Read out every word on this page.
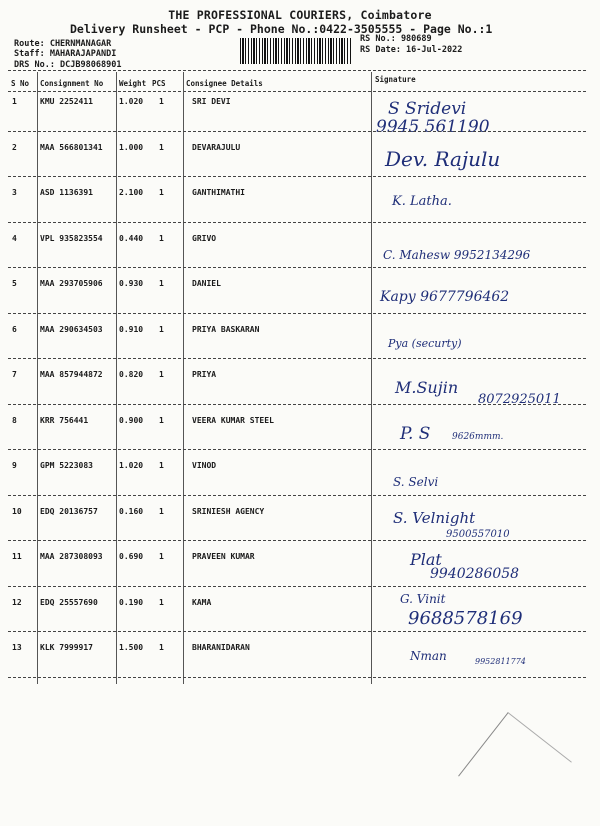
THE PROFESSIONAL COURIERS, Coimbatore
Delivery Runsheet - PCP - Phone No.:0422-3505555 - Page No.:1
Route: CHERNMANAGAR
Staff: MAHARAJAPANDI
DRS No.: DCJB98068901
RS No.: 980689
RS Date: 16-Jul-2022
S No Consignment No Weight PCS	Consignee Details	Signature
1	KMU 2252411	1.020 1	SRI DEVI	S Sridevi
9945 561190
2	MAA 566801341 1.000 1	DEVARAJULU	Dev. Rajulu
3	ASD 1136391	2.100 1	GANTHIMATHI
K. Latha.
4	VPL 935823554 0.440 1	GRIVO
C. Mahesw 9952134296
5	MAA 293705906 0.930 1	DANIEL
Kapy 9677796462
6	MAA 290634503 0.910 1	PRIYA BASKARAN
Pya (securty)
7	MAA 857944872 0.820 1	PRIYA
M.Sujin
8072925011
8	KRR 756441	0.900 1	VEERA KUMAR STEEL
P. S 9626mmm.
9	GPM 5223083	1.020 1	VINOD
S. Selvi
10 EDQ 20136757	0.160 1	SRINIESH AGENCY	S. Velnight
9500557010
11 MAA 287308093 0.690 1	PRAVEEN KUMAR	Plat
9940286058
12 EDQ 25557690	0.190 1	KAMA	G. Vinit
9688578169
13 KLK 7999917	1.500 1	BHARANIDARAN
Nman	9952811774
